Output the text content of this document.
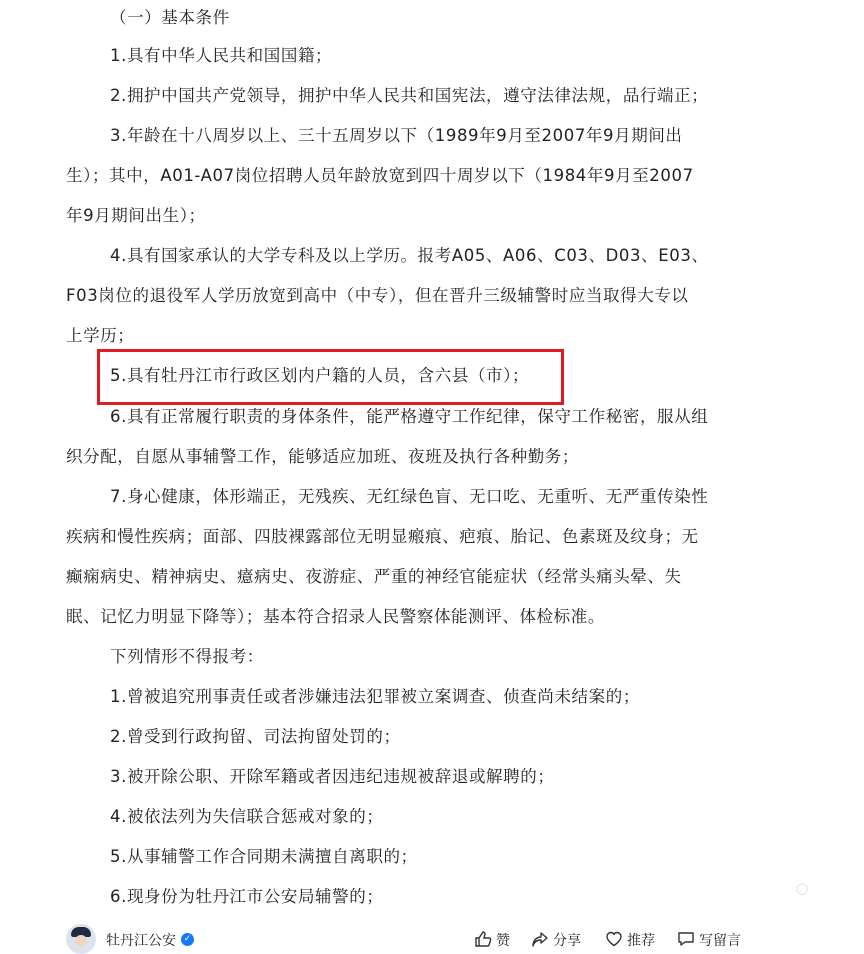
（一）基本条件
1.具有中华人民共和国国籍；
2.拥护中国共产党领导，拥护中华人民共和国宪法，遵守法律法规，品行端正；
3.年龄在十八周岁以上、三十五周岁以下（1989年9月至2007年9月期间出
生）；其中，A01-A07岗位招聘人员年龄放宽到四十周岁以下（1984年9月至2007
年9月期间出生）；
4.具有国家承认的大学专科及以上学历。报考A05、A06、C03、D03、E03、
F03岗位的退役军人学历放宽到高中（中专），但在晋升三级辅警时应当取得大专以
上学历；
5.具有牡丹江市行政区划内户籍的人员，含六县（市）；
6.具有正常履行职责的身体条件，能严格遵守工作纪律，保守工作秘密，服从组
织分配，自愿从事辅警工作，能够适应加班、夜班及执行各种勤务；
7.身心健康，体形端正，无残疾、无红绿色盲、无口吃、无重听、无严重传染性
疾病和慢性疾病；面部、四肢裸露部位无明显瘢痕、疤痕、胎记、色素斑及纹身；无
癫痫病史、精神病史、癔病史、夜游症、严重的神经官能症状（经常头痛头晕、失
眠、记忆力明显下降等）；基本符合招录人民警察体能测评、体检标准。
下列情形不得报考：
1.曾被追究刑事责任或者涉嫌违法犯罪被立案调查、侦查尚未结案的；
2.曾受到行政拘留、司法拘留处罚的；
3.被开除公职、开除军籍或者因违纪违规被辞退或解聘的；
4.被依法列为失信联合惩戒对象的；
5.从事辅警工作合同期未满擅自离职的；
6.现身份为牡丹江市公安局辅警的；	◯
牡丹江公安 ✓	赞	分享	推荐	写留言
